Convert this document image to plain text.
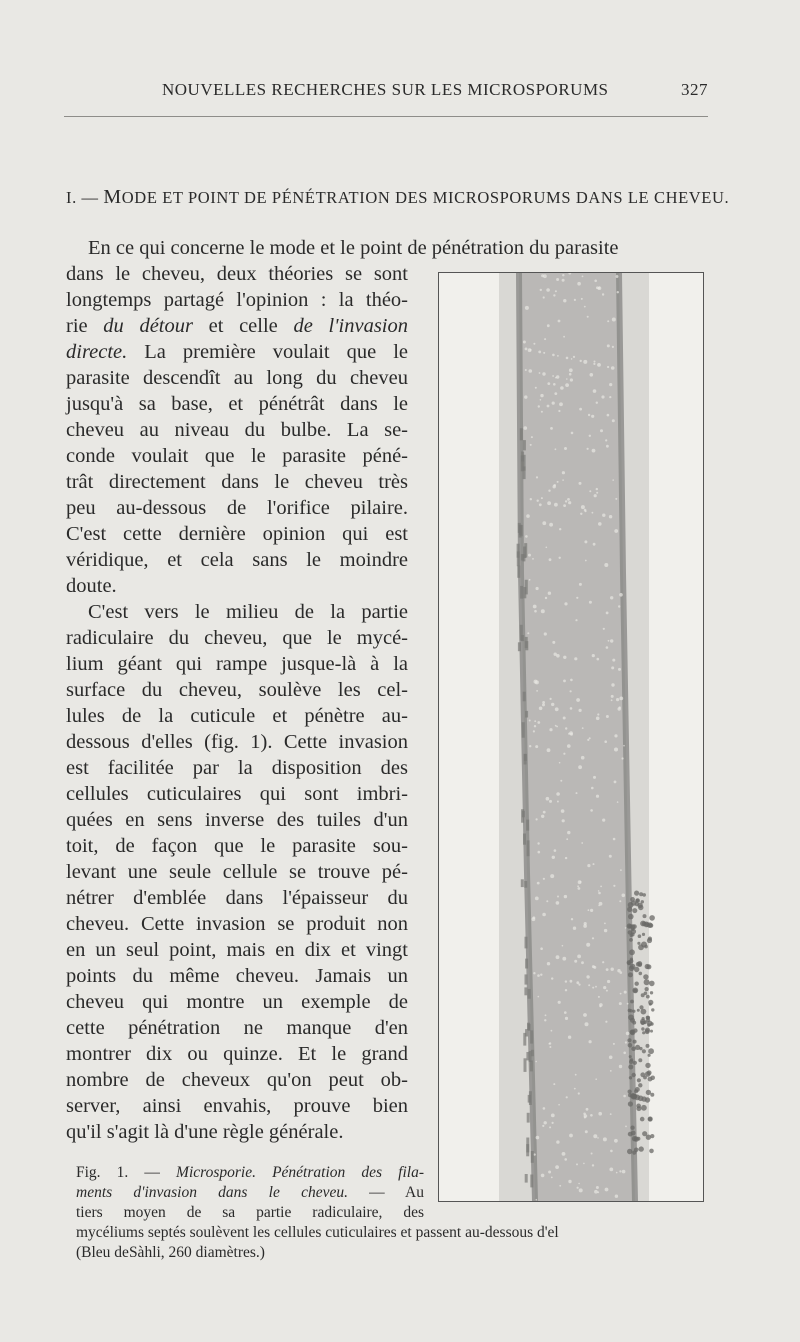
NOUVELLES RECHERCHES SUR LES MICROSPORUMS	327
I. — MODE ET POINT DE PÉNÉTRATION DES MICROSPORUMS DANS LE CHEVEU.
En ce qui concerne le mode et le point de pénétration du parasite
dans le cheveu, deux théories se sont
longtemps partagé l'opinion : la théo-
rie du détour et celle de l'invasion
directe. La première voulait que le
parasite descendît au long du cheveu
jusqu'à sa base, et pénétrât dans le
cheveu au niveau du bulbe. La se-
conde voulait que le parasite péné-
trât directement dans le cheveu très
peu au-dessous de l'orifice pilaire.
C'est cette dernière opinion qui est
véridique, et cela sans le moindre
doute.
C'est vers le milieu de la partie
radiculaire du cheveu, que le mycé-
lium géant qui rampe jusque-là à la
surface du cheveu, soulève les cel-
lules de la cuticule et pénètre au-
dessous d'elles (fig. 1). Cette invasion
est facilitée par la disposition des
cellules cuticulaires qui sont imbri-
quées en sens inverse des tuiles d'un
toit, de façon que le parasite sou-
levant une seule cellule se trouve pé-
nétrer d'emblée dans l'épaisseur du
cheveu. Cette invasion se produit non
en un seul point, mais en dix et vingt
points du même cheveu. Jamais un
cheveu qui montre un exemple de
cette pénétration ne manque d'en
montrer dix ou quinze. Et le grand
nombre de cheveux qu'on peut ob-
server, ainsi envahis, prouve bien
qu'il s'agit là d'une règle générale.
Fig. 1. — Microsporie. Pénétration des fila-
ments d'invasion dans le cheveu. — Au
tiers moyen de sa partie radiculaire, des
mycéliums septés soulèvent les cellules cuticulaires et passent au-dessous d'el
(Bleu deSàhli, 260 diamètres.)
